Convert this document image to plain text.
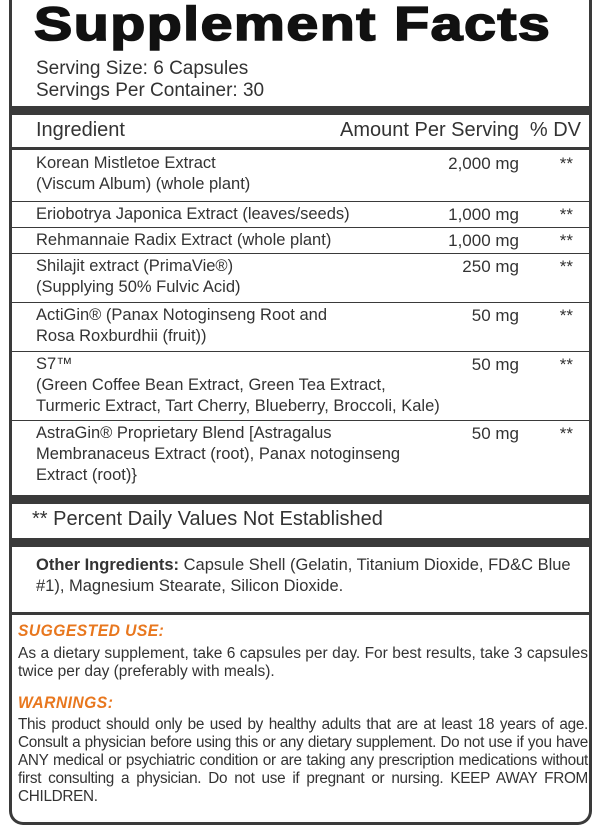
Supplement Facts
Serving Size: 6 Capsules
Servings Per Container: 30
Ingredient	Amount Per Serving % DV
Korean Mistletoe Extract
(Viscum Album) (whole plant)
2,000 mg **
Eriobotrya Japonica Extract (leaves/seeds)	1,000 mg **
Rehmannaie Radix Extract (whole plant)	1,000 mg **
Shilajit extract (PrimaVie®)
(Supplying 50% Fulvic Acid)
250 mg **
ActiGin® (Panax Notoginseng Root and
Rosa Roxburdhii (fruit))
50 mg **
S7™
(Green Coffee Bean Extract, Green Tea Extract,
Turmeric Extract, Tart Cherry, Blueberry, Broccoli, Kale)
50 mg **
AstraGin® Proprietary Blend [Astragalus
Membranaceus Extract (root), Panax notoginseng
Extract (root)}
50 mg **
** Percent Daily Values Not Established
Other Ingredients: Capsule Shell (Gelatin, Titanium Dioxide, FD&C Blue #1), Magnesium Stearate, Silicon Dioxide.
SUGGESTED USE:
As a dietary supplement, take 6 capsules per day. For best results, take 3 capsules twice per day (preferably with meals).
WARNINGS:
This product should only be used by healthy adults that are at least 18 years of age. Consult a physician before using this or any dietary supplement. Do not use if you have ANY medical or psychiatric condition or are taking any prescription medications without first consulting a physician. Do not use if pregnant or nursing. KEEP AWAY FROM CHILDREN.
